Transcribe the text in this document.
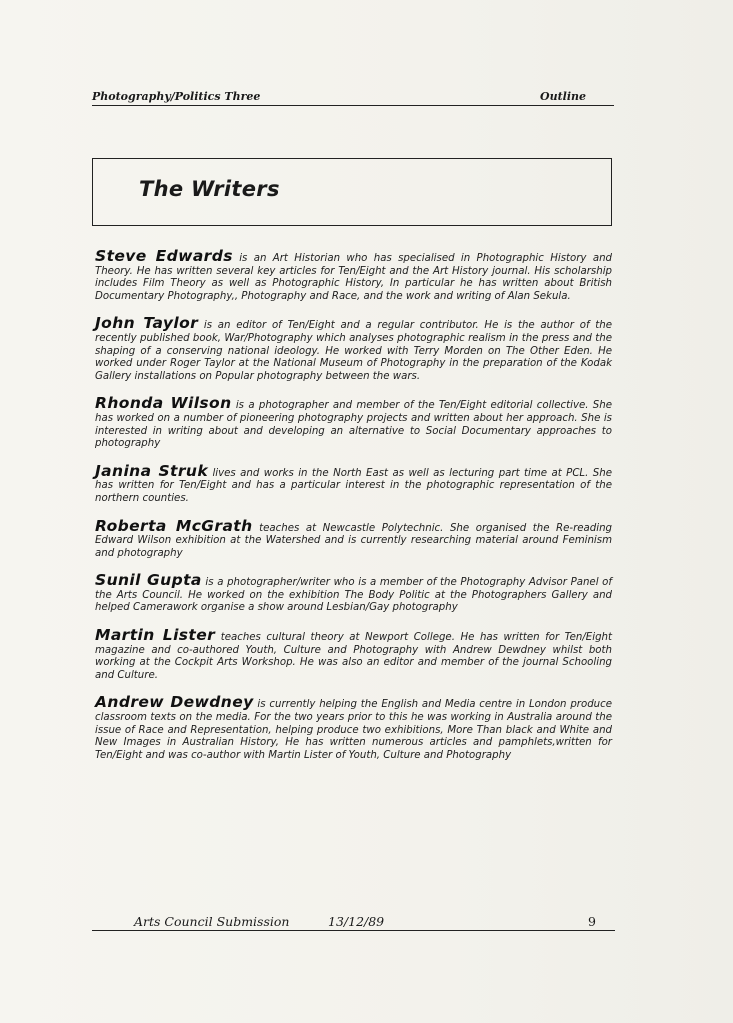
Photography/Politics Three	Outline
The Writers

Steve Edwards is an Art Historian who has specialised in Photographic History and Theory. He has written several key articles for Ten/Eight and the Art History journal. His scholarship includes Film Theory as well as Photographic History, In particular he has written about British Documentary Photography,, Photography and Race, and the work and writing of Alan Sekula.

John Taylor is an editor of Ten/Eight and a regular contributor. He is the author of the recently published book, War/Photography which analyses photographic realism in the press and the shaping of a conserving national ideology. He worked with Terry Morden on The Other Eden. He worked under Roger Taylor at the National Museum of Photography in the preparation of the Kodak Gallery installations on Popular photography between the wars.

Rhonda Wilson is a photographer and member of the Ten/Eight editorial collective. She has worked on a number of pioneering photography projects and written about her approach. She is interested in writing about and developing an alternative to Social Documentary approaches to photography

Janina Struk lives and works in the North East as well as lecturing part time at PCL. She has written for Ten/Eight and has a particular interest in the photographic representation of the northern counties.

Roberta McGrath teaches at Newcastle Polytechnic. She organised the Re-reading Edward Wilson exhibition at the Watershed and is currently researching material around Feminism and photography

Sunil Gupta is a photographer/writer who is a member of the Photography Advisor Panel of the Arts Council. He worked on the exhibition The Body Politic at the Photographers Gallery and helped Camerawork organise a show around Lesbian/Gay photography

Martin Lister teaches cultural theory at Newport College. He has written for Ten/Eight magazine and co-authored Youth, Culture and Photography with Andrew Dewdney whilst both working at the Cockpit Arts Workshop. He was also an editor and member of the journal Schooling and Culture.

Andrew Dewdney is currently helping the English and Media centre in London produce classroom texts on the media. For the two years prior to this he was working in Australia around the issue of Race and Representation, helping produce two exhibitions, More Than black and White and New Images in Australian History, He has written numerous articles and pamphlets,written for Ten/Eight and was co-author with Martin Lister of Youth, Culture and Photography

Arts Council Submission	13/12/89	9
